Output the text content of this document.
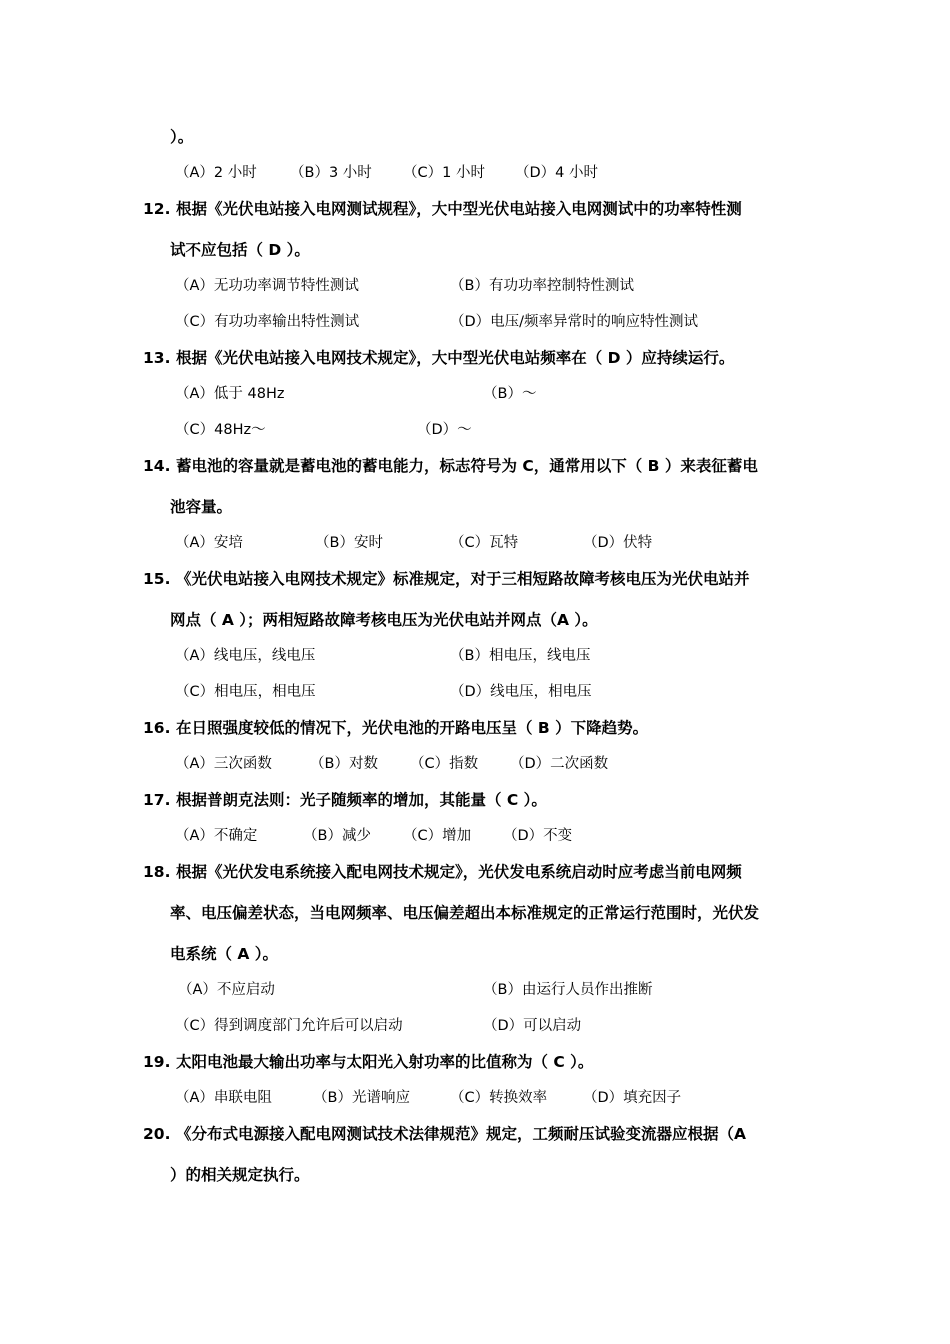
）。
（A）2 小时 （B）3 小时 （C）1 小时 （D）4 小时
12. 根据《光伏电站接入电网测试规程》，大中型光伏电站接入电网测试中的功率特性测
试不应包括（ D ）。
（A）无功功率调节特性测试	（B）有功功率控制特性测试
（C）有功功率输出特性测试	（D）电压/频率异常时的响应特性测试
13. 根据《光伏电站接入电网技术规定》，大中型光伏电站频率在（ D ）应持续运行。
（A）低于 48Hz	（B）～
（C）48Hz～	（D）～
14. 蓄电池的容量就是蓄电池的蓄电能力，标志符号为 C，通常用以下（ B ）来表征蓄电
池容量。
（A）安培	（B）安时	（C）瓦特	（D）伏特
15. 《光伏电站接入电网技术规定》标准规定，对于三相短路故障考核电压为光伏电站并
网点（ A ）；两相短路故障考核电压为光伏电站并网点（A ）。
（A）线电压，线电压	（B）相电压，线电压
（C）相电压，相电压	（D）线电压，相电压
16. 在日照强度较低的情况下，光伏电池的开路电压呈（ B ）下降趋势。
（A）三次函数	（B）对数 （C）指数 （D）二次函数
17. 根据普朗克法则：光子随频率的增加，其能量（ C ）。
（A）不确定	（B）减少 （C）增加 （D）不变
18. 根据《光伏发电系统接入配电网技术规定》，光伏发电系统启动时应考虑当前电网频
率、电压偏差状态，当电网频率、电压偏差超出本标准规定的正常运行范围时，光伏发
电系统（ A ）。
（A）不应启动	（B）由运行人员作出推断
（C）得到调度部门允许后可以启动	（D）可以启动
19. 太阳电池最大输出功率与太阳光入射功率的比值称为（ C ）。
（A）串联电阻	（B）光谱响应	（C）转换效率 （D）填充因子
20. 《分布式电源接入配电网测试技术法律规范》规定，工频耐压试验变流器应根据（A
）的相关规定执行。
